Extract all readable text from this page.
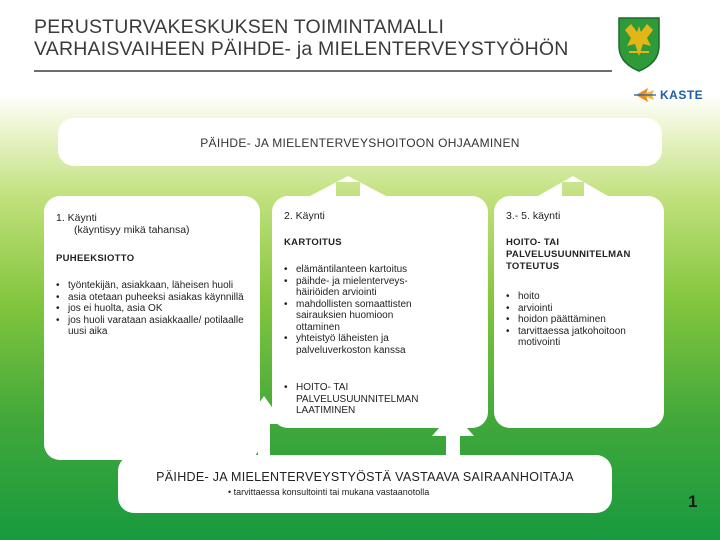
PERUSTURVAKESKUKSEN TOIMINTAMALLI
VARHAISVAIHEEN PÄIHDE- ja MIELENTERVEYSTYÖHÖN
KASTE
PÄIHDE- JA MIELENTERVEYSHOITOON OHJAAMINEN
1. Käynti
(käyntisyy mikä tahansa)
PUHEEKSIOTTO
• työntekijän, asiakkaan, läheisen huoli
• asia otetaan puheeksi asiakas käynnillä
• jos ei huolta, asia OK
• jos huoli varataan asiakkaalle/ potilaalle uusi aika
2. Käynti
KARTOITUS
• elämäntilanteen kartoitus
• päihde- ja mielenterveys-häiriöiden arviointi
• mahdollisten somaattisten sairauksien huomioon ottaminen
• yhteistyö läheisten ja palveluverkoston kanssa
• HOITO- TAI PALVELUSUUNNITELMAN LAATIMINEN
3.- 5. käynti
HOITO- TAI PALVELUSUUNNITELMAN TOTEUTUS
• hoito
• arviointi
• hoidon päättäminen
• tarvittaessa jatkohoitoon motivointi
PÄIHDE- JA MIELENTERVEYSTYÖSTÄ VASTAAVA SAIRAANHOITAJA
• tarvittaessa konsultointi tai mukana vastaanotolla	1
